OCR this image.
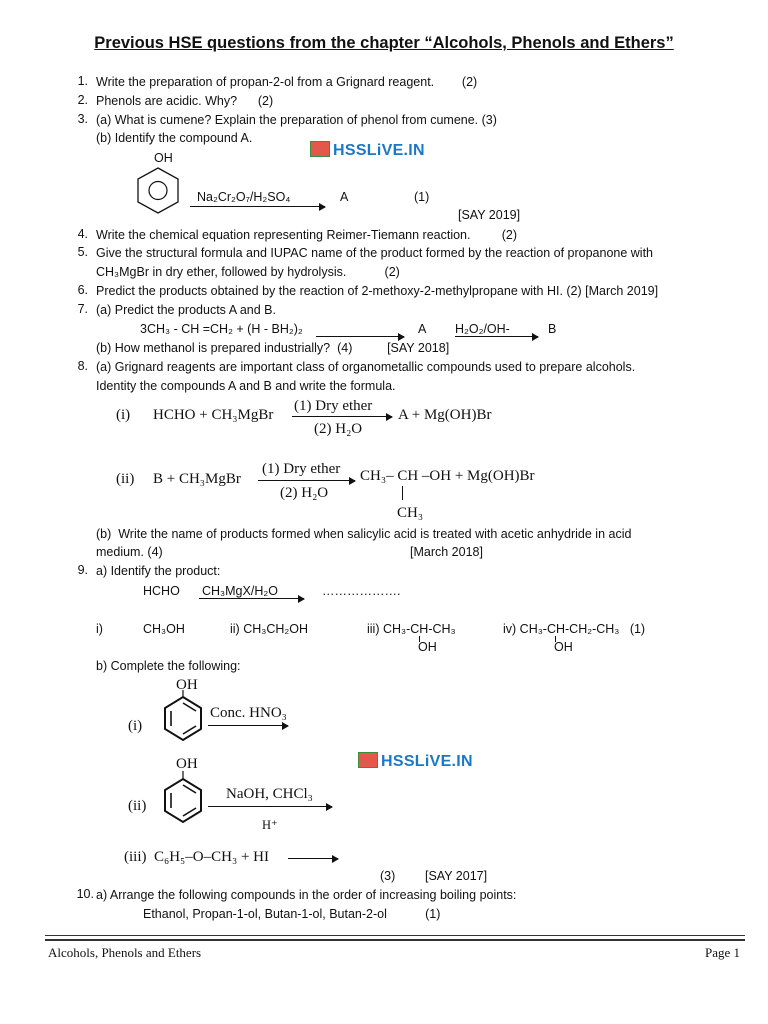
Previous HSE questions from the chapter “Alcohols, Phenols and Ethers”
1. Write the preparation of propan-2-ol from a Grignard reagent.        (2)
2. Phenols are acidic. Why?      (2)
3. (a) What is cumene? Explain the preparation of phenol from cumene. (3)
(b) Identify the compound A.
OH
Na₂Cr₂O₇/H₂SO₄	A	(1)
[SAY 2019]
HSSLiVE.IN
4. Write the chemical equation representing Reimer-Tiemann reaction.         (2)
5. Give the structural formula and IUPAC name of the product formed by the reaction of propanone with
CH₃MgBr in dry ether, followed by hydrolysis.           (2)
6. Predict the products obtained by the reaction of 2-methoxy-2-methylpropane with HI. (2) [March 2019]
7. (a) Predict the products A and B.
3CH₃ - CH =CH₂ + (H - BH₂)₂	A H₂O₂/OH-	B
(b) How methanol is prepared industrially?  (4)          [SAY 2018]
8. (a) Grignard reagents are important class of organometallic compounds used to prepare alcohols.
Identity the compounds A and B and write the formula.
(i) HCHO + CH₃MgBr
(1) Dry ether
(2) H₂O
A + Mg(OH)Br
(ii) B + CH₃MgBr
(1) Dry ether
(2) H₂O
CH₃– CH –OH + Mg(OH)Br
CH₃
(b)  Write the name of products formed when salicylic acid is treated with acetic anhydride in acid
medium. (4)	[March 2018]
9. a) Identify the product:
HCHO CH₃MgX/H₂O	……………….
i)	CH₃OH	ii) CH₃CH₂OH	iii) CH₃-CH-CH₃
OH
iv) CH₃-CH-CH₂-CH₃   (1)
OH
b) Complete the following:
OH
(i)
Conc. HNO₃
OH
(ii)
NaOH, CHCl₃
H⁺
HSSLiVE.IN
(iii)  C₆H₅–O–CH₃ + HI
(3) [SAY 2017]
10. a) Arrange the following compounds in the order of increasing boiling points:
Ethanol, Propan-1-ol, Butan-1-ol, Butan-2-ol           (1)
Alcohols, Phenols and Ethers	Page 1
